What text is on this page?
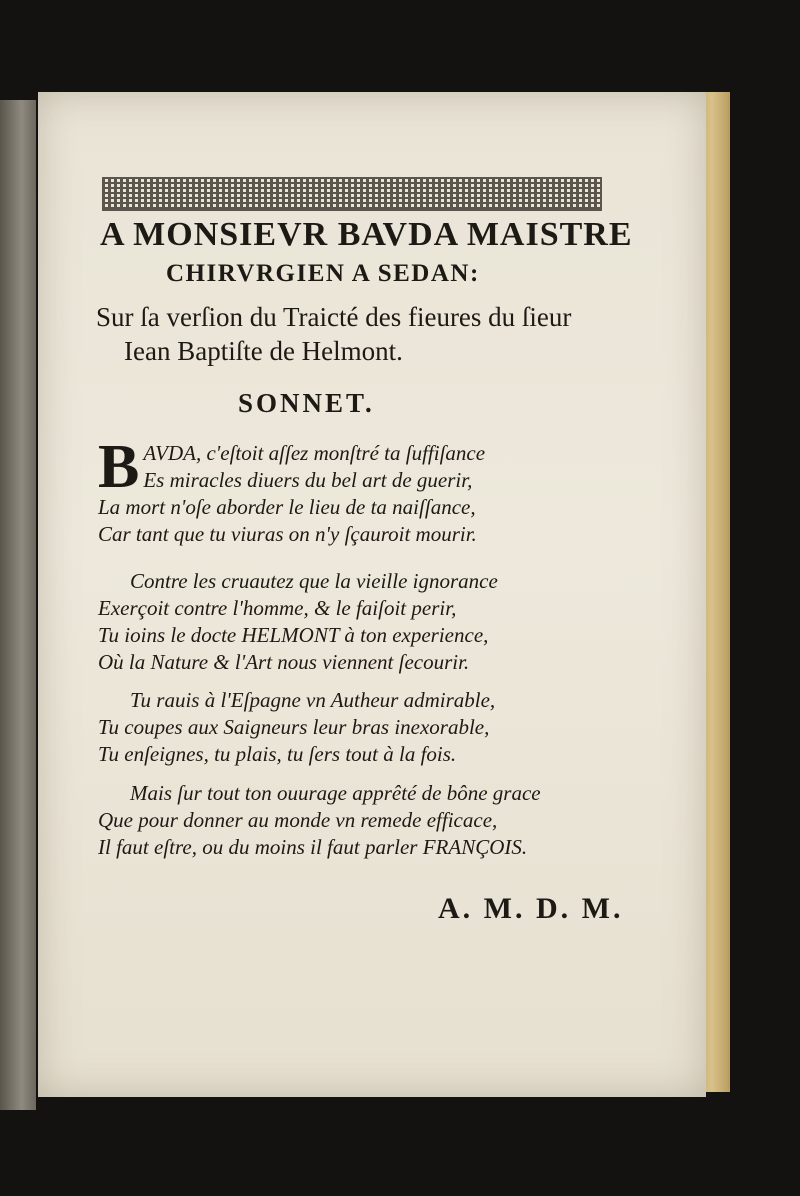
A MONSIEVR BAVDA MAISTRE
CHIRVRGIEN A SEDAN:
Sur ſa verſion du Traicté des fieures du ſieur
Iean Baptiſte de Helmont.
SONNET.
B AVDA, c'eſtoit aſſez monſtré ta ſuffiſance
Es miracles diuers du bel art de guerir,
La mort n'oſe aborder le lieu de ta naiſſance,
Car tant que tu viuras on n'y ſçauroit mourir.
Contre les cruautez que la vieille ignorance
Exerçoit contre l'homme, & le faiſoit perir,
Tu ioins le docte HELMONT à ton experience,
Où la Nature & l'Art nous viennent ſecourir.
Tu rauis à l'Eſpagne vn Autheur admirable,
Tu coupes aux Saigneurs leur bras inexorable,
Tu enſeignes, tu plais, tu ſers tout à la fois.
Mais ſur tout ton ouurage apprêté de bône grace
Que pour donner au monde vn remede efficace,
Il faut eſtre, ou du moins il faut parler FRANÇOIS.
A. M. D. M.
